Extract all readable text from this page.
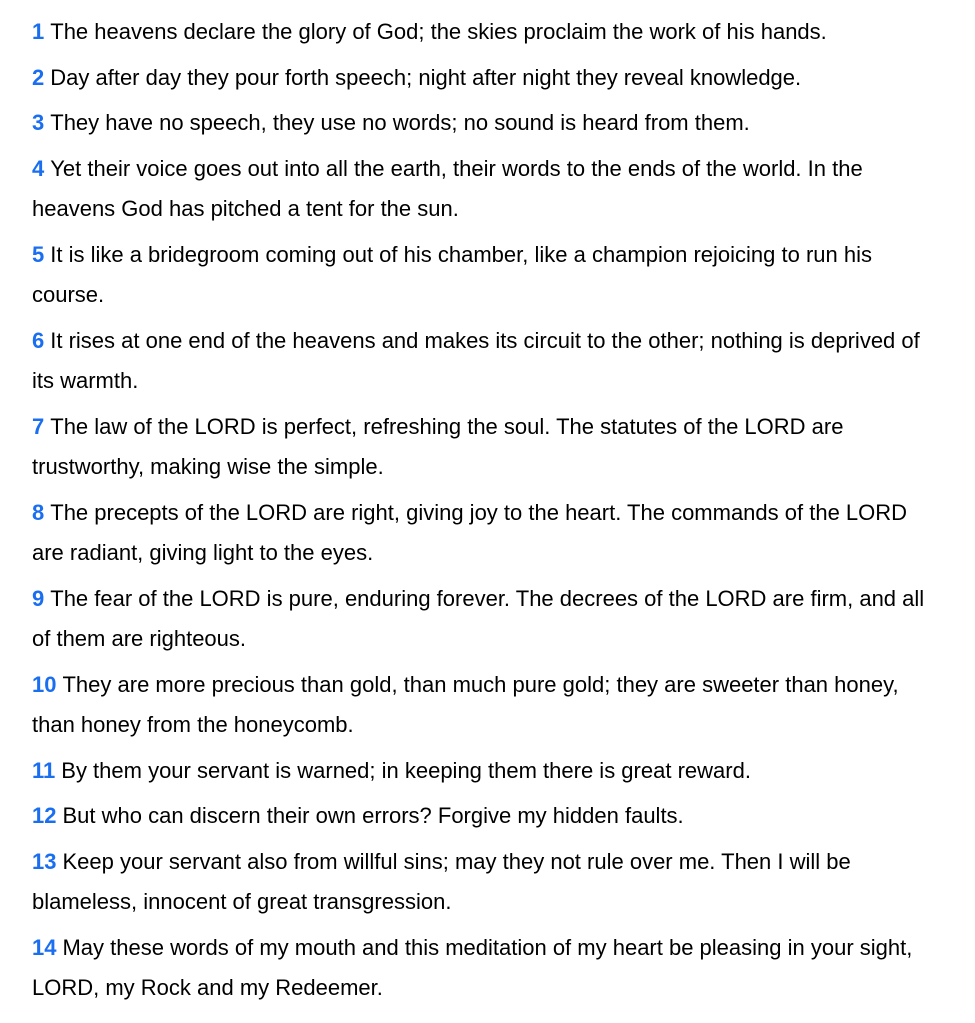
1 The heavens declare the glory of God; the skies proclaim the work of his hands.

2 Day after day they pour forth speech; night after night they reveal knowledge.

3 They have no speech, they use no words; no sound is heard from them.

4 Yet their voice goes out into all the earth, their words to the ends of the world. In the heavens God has pitched a tent for the sun.

5 It is like a bridegroom coming out of his chamber, like a champion rejoicing to run his course.

6 It rises at one end of the heavens and makes its circuit to the other; nothing is deprived of its warmth.

7 The law of the LORD is perfect, refreshing the soul. The statutes of the LORD are trustworthy, making wise the simple.

8 The precepts of the LORD are right, giving joy to the heart. The commands of the LORD are radiant, giving light to the eyes.

9 The fear of the LORD is pure, enduring forever. The decrees of the LORD are firm, and all of them are righteous.

10 They are more precious than gold, than much pure gold; they are sweeter than honey, than honey from the honeycomb.

11 By them your servant is warned; in keeping them there is great reward.

12 But who can discern their own errors? Forgive my hidden faults.

13 Keep your servant also from willful sins; may they not rule over me. Then I will be blameless, innocent of great transgression.

14 May these words of my mouth and this meditation of my heart be pleasing in your sight, LORD, my Rock and my Redeemer.
